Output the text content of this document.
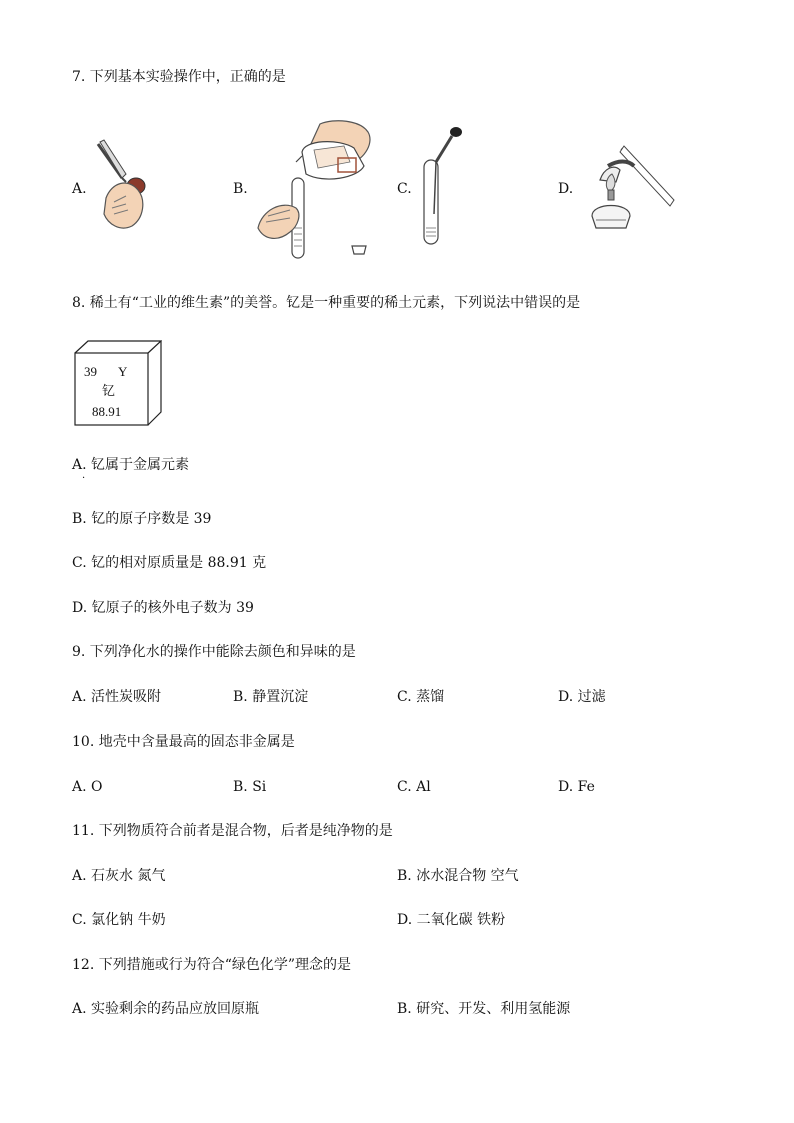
7. 下列基本实验操作中，正确的是
A.	B.	C.	D.
8. 稀土有“工业的维生素”的美誉。钇是一种重要的稀土元素，下列说法中错误的是
39 Y
钇
88.91
A. 钇属于金属元素
·
B. 钇的原子序数是 39
C. 钇的相对原质量是 88.91 克
D. 钇原子的核外电子数为 39
9. 下列净化水的操作中能除去颜色和异味的是
A. 活性炭吸附	B. 静置沉淀	C. 蒸馏	D. 过滤
10. 地壳中含量最高的固态非金属是
A. O	B. Si	C. Al	D. Fe
11. 下列物质符合前者是混合物，后者是纯净物的是
A. 石灰水 氮气	B. 冰水混合物 空气
C. 氯化钠 牛奶	D. 二氧化碳 铁粉
12. 下列措施或行为符合“绿色化学”理念的是
A. 实验剩余的药品应放回原瓶	B. 研究、开发、利用氢能源
